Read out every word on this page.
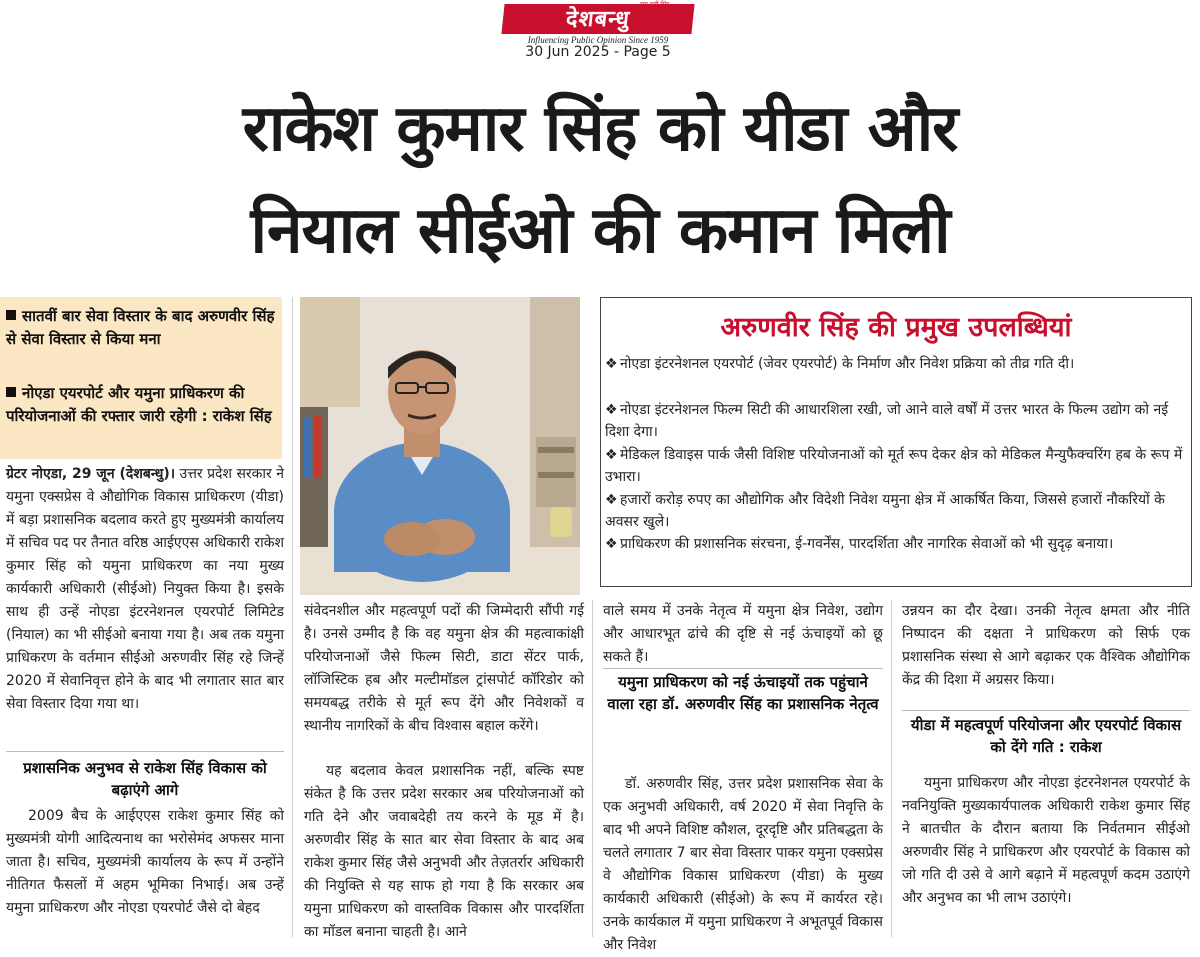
देशबन्धु
Influencing Public Opinion Since 1959
30 Jun 2025 - Page 5
राकेश कुमार सिंह को यीडा और
नियाल सीईओ की कमान मिली
सातवीं बार सेवा विस्तार के बाद अरुणवीर सिंह से सेवा विस्तार से किया मना
नोएडा एयरपोर्ट और यमुना प्राधिकरण की परियोजनाओं की रफ्तार जारी रहेगी : राकेश सिंह
अरुणवीर सिंह की प्रमुख उपलब्धियां
❖ नोएडा इंटरनेशनल एयरपोर्ट (जेवर एयरपोर्ट) के निर्माण और निवेश प्रक्रिया को तीव्र गति दी।
❖ नोएडा इंटरनेशनल फिल्म सिटी की आधारशिला रखी, जो आने वाले वर्षों में उत्तर भारत के फिल्म उद्योग को नई दिशा देगा।
❖ मेडिकल डिवाइस पार्क जैसी विशिष्ट परियोजनाओं को मूर्त रूप देकर क्षेत्र को मेडिकल मैन्युफैक्चरिंग हब के रूप में उभारा।
❖ हजारों करोड़ रुपए का औद्योगिक और विदेशी निवेश यमुना क्षेत्र में आकर्षित किया, जिससे हजारों नौकरियों के अवसर खुले।
❖ प्राधिकरण की प्रशासनिक संरचना, ई-गवर्नेंस, पारदर्शिता और नागरिक सेवाओं को भी सुदृढ़ बनाया।
ग्रेटर नोएडा, 29 जून (देशबन्धु)। उत्तर प्रदेश सरकार ने यमुना एक्सप्रेस वे औद्योगिक विकास प्राधिकरण (यीडा) में बड़ा प्रशासनिक बदलाव करते हुए मुख्यमंत्री कार्यालय में सचिव पद पर तैनात वरिष्ठ आईएएस अधिकारी राकेश कुमार सिंह को यमुना प्राधिकरण का नया मुख्य कार्यकारी अधिकारी (सीईओ) नियुक्त किया है। इसके साथ ही उन्हें नोएडा इंटरनेशनल एयरपोर्ट लिमिटेड (नियाल) का भी सीईओ बनाया गया है। अब तक यमुना प्राधिकरण के वर्तमान सीईओ अरुणवीर सिंह रहे जिन्हें 2020 में सेवानिवृत्त होने के बाद भी लगातार सात बार सेवा विस्तार दिया गया था।
प्रशासनिक अनुभव से राकेश सिंह विकास को बढ़ाएंगे आगे
2009 बैच के आईएएस राकेश कुमार सिंह को मुख्यमंत्री योगी आदित्यनाथ का भरोसेमंद अफसर माना जाता है। सचिव, मुख्यमंत्री कार्यालय के रूप में उन्होंने नीतिगत फैसलों में अहम भूमिका निभाई। अब उन्हें यमुना प्राधिकरण और नोएडा एयरपोर्ट जैसे दो बेहद
संवेदनशील और महत्वपूर्ण पदों की जिम्मेदारी सौंपी गई है। उनसे उम्मीद है कि वह यमुना क्षेत्र की महत्वाकांक्षी परियोजनाओं जैसे फिल्म सिटी, डाटा सेंटर पार्क, लॉजिस्टिक हब और मल्टीमॉडल ट्रांसपोर्ट कॉरिडोर को समयबद्ध तरीके से मूर्त रूप देंगे और निवेशकों व स्थानीय नागरिकों के बीच विश्वास बहाल करेंगे।
यह बदलाव केवल प्रशासनिक नहीं, बल्कि स्पष्ट संकेत है कि उत्तर प्रदेश सरकार अब परियोजनाओं को गति देने और जवाबदेही तय करने के मूड में है। अरुणवीर सिंह के सात बार सेवा विस्तार के बाद अब राकेश कुमार सिंह जैसे अनुभवी और तेज़तर्रार अधिकारी की नियुक्ति से यह साफ हो गया है कि सरकार अब यमुना प्राधिकरण को वास्तविक विकास और पारदर्शिता का मॉडल बनाना चाहती है। आने
वाले समय में उनके नेतृत्व में यमुना क्षेत्र निवेश, उद्योग और आधारभूत ढांचे की दृष्टि से नई ऊंचाइयों को छू सकते हैं।
यमुना प्राधिकरण को नई ऊंचाइयों तक पहुंचाने वाला रहा डॉ. अरुणवीर सिंह का प्रशासनिक नेतृत्व
डॉ. अरुणवीर सिंह, उत्तर प्रदेश प्रशासनिक सेवा के एक अनुभवी अधिकारी, वर्ष 2020 में सेवा निवृत्ति के बाद भी अपने विशिष्ट कौशल, दूरदृष्टि और प्रतिबद्धता के चलते लगातार 7 बार सेवा विस्तार पाकर यमुना एक्सप्रेस वे औद्योगिक विकास प्राधिकरण (यीडा) के मुख्य कार्यकारी अधिकारी (सीईओ) के रूप में कार्यरत रहे। उनके कार्यकाल में यमुना प्राधिकरण ने अभूतपूर्व विकास और निवेश
उन्नयन का दौर देखा। उनकी नेतृत्व क्षमता और नीति निष्पादन की दक्षता ने प्राधिकरण को सिर्फ एक प्रशासनिक संस्था से आगे बढ़ाकर एक वैश्विक औद्योगिक केंद्र की दिशा में अग्रसर किया।
यीडा में महत्वपूर्ण परियोजना और एयरपोर्ट विकास को देंगे गति : राकेश
यमुना प्राधिकरण और नोएडा इंटरनेशनल एयरपोर्ट के नवनियुक्ति मुख्यकार्यपालक अधिकारी राकेश कुमार सिंह ने बातचीत के दौरान बताया कि निर्वतमान सीईओ अरुणवीर सिंह ने प्राधिकरण और एयरपोर्ट के विकास को जो गति दी उसे वे आगे बढ़ाने में महत्वपूर्ण कदम उठाएंगे और अनुभव का भी लाभ उठाएंगे।
